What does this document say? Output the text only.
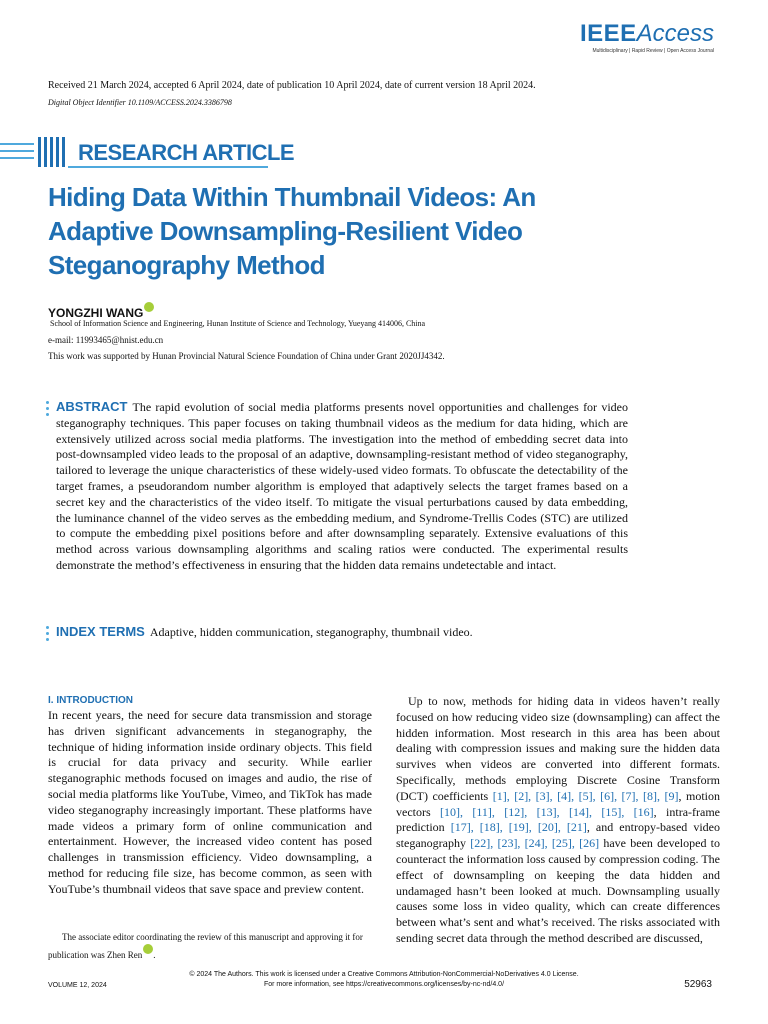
IEEEAccess
Multidisciplinary | Rapid Review | Open Access Journal
Received 21 March 2024, accepted 6 April 2024, date of publication 10 April 2024, date of current version 18 April 2024.
Digital Object Identifier 10.1109/ACCESS.2024.3386798
RESEARCH ARTICLE
Hiding Data Within Thumbnail Videos: An Adaptive Downsampling-Resilient Video Steganography Method
YONGZHI WANG
School of Information Science and Engineering, Hunan Institute of Science and Technology, Yueyang 414006, China
e-mail: 11993465@hnist.edu.cn
This work was supported by Hunan Provincial Natural Science Foundation of China under Grant 2020JJ4342.
ABSTRACT The rapid evolution of social media platforms presents novel opportunities and challenges for video steganography techniques. This paper focuses on taking thumbnail videos as the medium for data hiding, which are extensively utilized across social media platforms. The investigation into the method of embedding secret data into post-downsampled video leads to the proposal of an adaptive, downsampling-resistant method of video steganography, tailored to leverage the unique characteristics of these widely-used video formats. To obfuscate the detectability of the target frames, a pseudorandom number algorithm is employed that adaptively selects the target frames based on a secret key and the characteristics of the video itself. To mitigate the visual perturbations caused by data embedding, the luminance channel of the video serves as the embedding medium, and Syndrome-Trellis Codes (STC) are utilized to compute the embedding pixel positions before and after downsampling separately. Extensive evaluations of this method across various downsampling algorithms and scaling ratios were conducted. The experimental results demonstrate the method’s effectiveness in ensuring that the hidden data remains undetectable and intact.
INDEX TERMS Adaptive, hidden communication, steganography, thumbnail video.
I. INTRODUCTION

In recent years, the need for secure data transmission and storage has driven significant advancements in steganography, the technique of hiding information inside ordinary objects. This field is crucial for data privacy and security. While earlier steganographic methods focused on images and audio, the rise of social media platforms like YouTube, Vimeo, and TikTok has made video steganography increasingly important. These platforms have made videos a primary form of online communication and entertainment. However, the increased video content has posed challenges in transmission efficiency. Video downsampling, a method for reducing file size, has become common, as seen with YouTube’s thumbnail videos that save space and preview content.

The associate editor coordinating the review of this manuscript and approving it for publication was Zhen Ren .

Up to now, methods for hiding data in videos haven’t really focused on how reducing video size (downsampling) can affect the hidden information. Most research in this area has been about dealing with compression issues and making sure the hidden data survives when videos are converted into different formats. Specifically, methods employing Discrete Cosine Transform (DCT) coefficients [1], [2], [3], [4], [5], [6], [7], [8], [9], motion vectors [10], [11], [12], [13], [14], [15], [16], intra-frame prediction [17], [18], [19], [20], [21], and entropy-based video steganography [22], [23], [24], [25], [26] have been developed to counteract the information loss caused by compression coding. The effect of downsampling on keeping the data hidden and undamaged hasn’t been looked at much. Downsampling usually causes some loss in video quality, which can create differences between what’s sent and what’s received. The risks associated with sending secret data through the method described are discussed,

© 2024 The Authors. This work is licensed under a Creative Commons Attribution-NonCommercial-NoDerivatives 4.0 License.
For more information, see https://creativecommons.org/licenses/by-nc-nd/4.0/
VOLUME 12, 2024	52963
